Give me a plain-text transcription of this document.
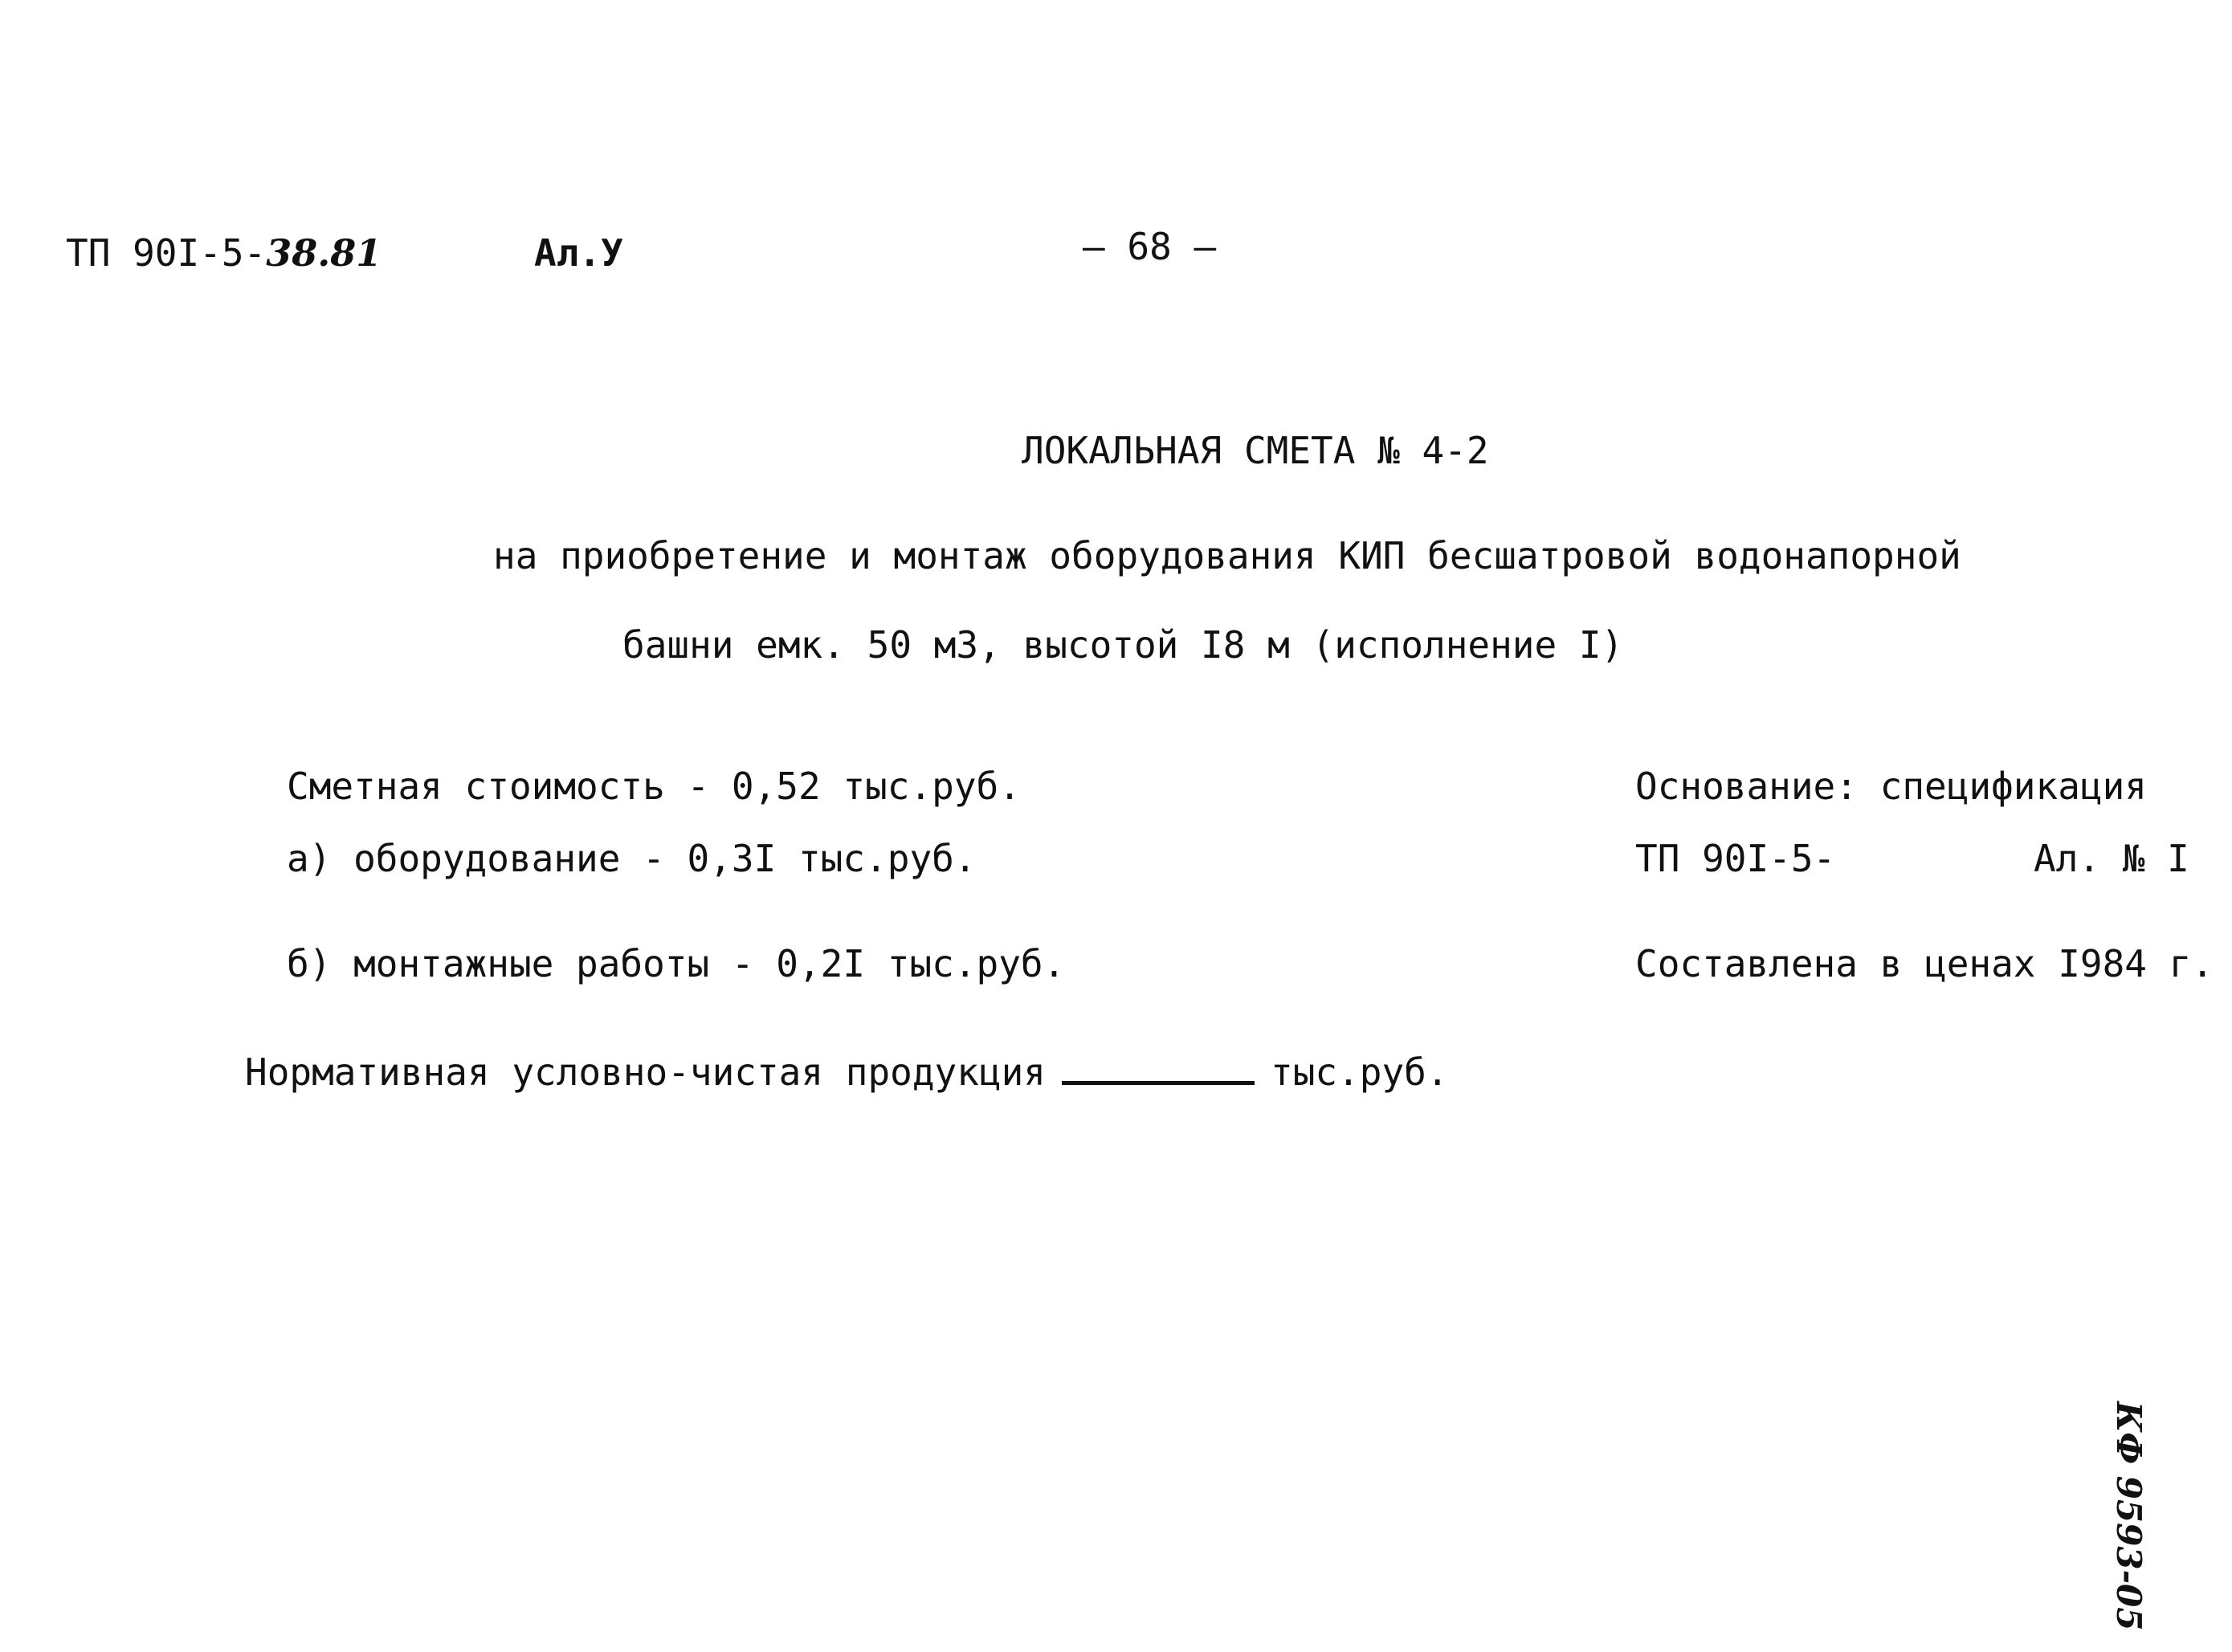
ТП 90I-5-38.81	Ал.У	– 68 –
ЛОКАЛЬНАЯ СМЕТА № 4-2
на приобретение и монтаж оборудования КИП бесшатровой водонапорной
башни емк. 50 м3, высотой I8 м (исполнение I)
Сметная стоимость - 0,52 тыс.руб.
а) оборудование - 0,3I тыс.руб.
б) монтажные работы - 0,2I тыс.руб.
Основание: спецификация
ТП 90I-5-	Ал. № I
Составлена в ценах I984 г.
Нормативная условно-чистая продукция	тыс.руб.
КФ 9593-05
